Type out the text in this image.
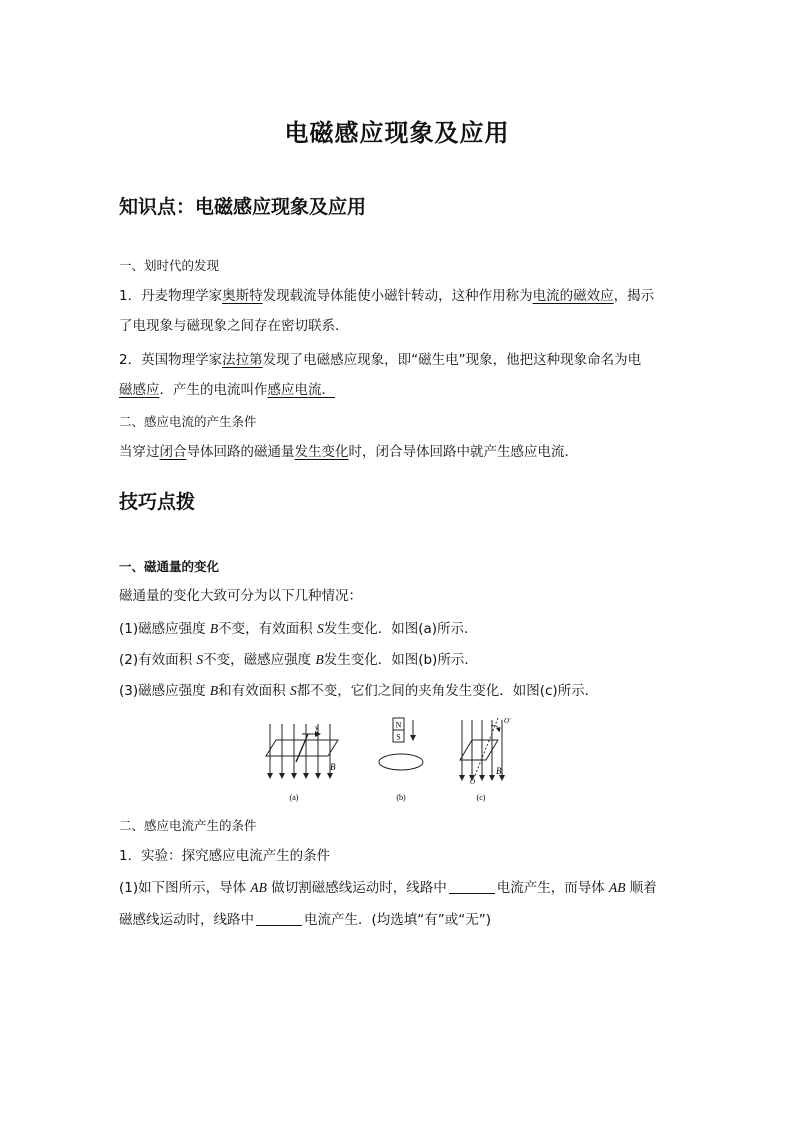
电磁感应现象及应用
知识点：电磁感应现象及应用
一、划时代的发现
1．丹麦物理学家奥斯特发现载流导体能使小磁针转动，这种作用称为电流的磁效应，揭示
了电现象与磁现象之间存在密切联系．
2．英国物理学家法拉第发现了电磁感应现象，即“磁生电”现象，他把这种现象命名为电
磁感应．产生的电流叫作感应电流．
二、感应电流的产生条件
当穿过闭合导体回路的磁通量发生变化时，闭合导体回路中就产生感应电流．
技巧点拨
一、磁通量的变化
磁通量的变化大致可分为以下几种情况：
(1)磁感应强度 B不变，有效面积 S发生变化．如图(a)所示．
(2)有效面积 S不变，磁感应强度 B发生变化．如图(b)所示．
(3)磁感应强度 B和有效面积 S都不变，它们之间的夹角发生变化．如图(c)所示．
v
B
(a)
N
S
(b)
O′
O
B
(c)
二、感应电流产生的条件
1．实验：探究感应电流产生的条件
(1)如下图所示，导体 AB 做切割磁感线运动时，线路中	电流产生，而导体 AB 顺着
磁感线运动时，线路中	电流产生．(均选填“有”或“无”)
